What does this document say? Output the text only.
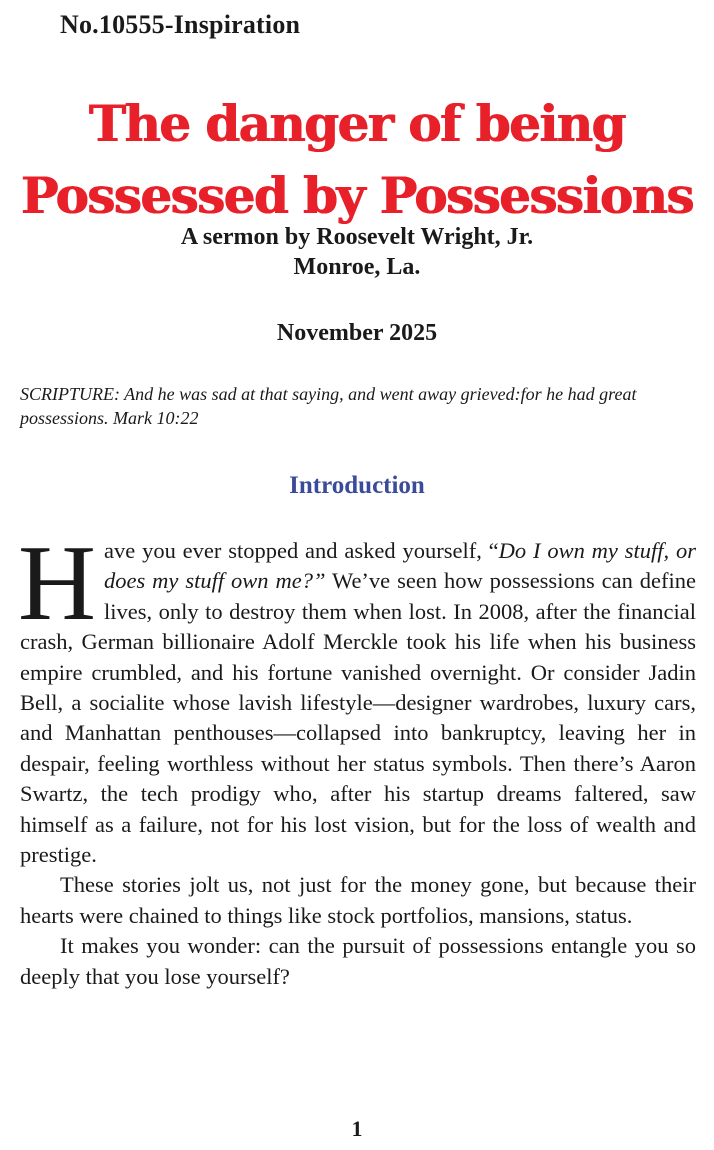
No.10555-Inspiration
The danger of being
Possessed by Possessions
A sermon by Roosevelt Wright, Jr.
Monroe, La.
November 2025
SCRIPTURE: And he was sad at that saying, and went away grieved:for he had great possessions. Mark 10:22
Introduction

Have you ever stopped and asked yourself, “Do I own my stuff, or does my stuff own me?” We’ve seen how possessions can define lives, only to destroy them when lost. In 2008, after the financial crash, German billionaire Adolf Merckle took his life when his business empire crumbled, and his fortune vanished overnight. Or consider Jadin Bell, a socialite whose lavish lifestyle—designer wardrobes, luxury cars, and Manhattan penthouses—collapsed into bankruptcy, leaving her in despair, feeling worthless without her status symbols. Then there’s Aaron Swartz, the tech prodigy who, after his startup dreams faltered, saw himself as a failure, not for his lost vision, but for the loss of wealth and prestige.

These stories jolt us, not just for the money gone, but because their hearts were chained to things like stock portfolios, mansions, status.

It makes you wonder: can the pursuit of possessions entangle you so deeply that you lose yourself?

1
